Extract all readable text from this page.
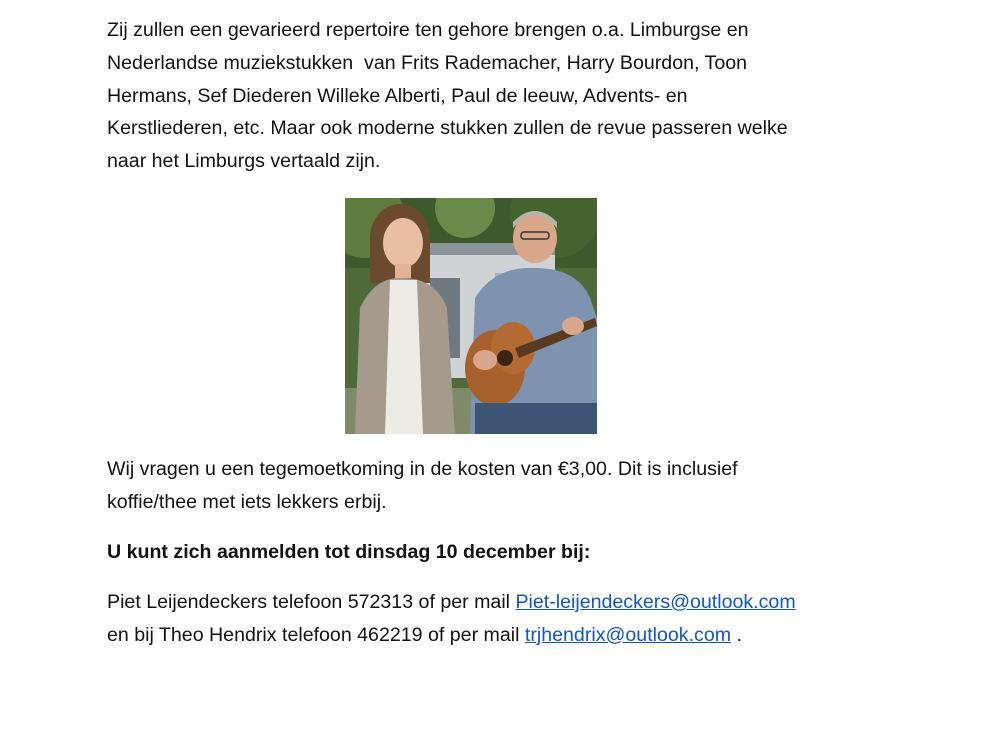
Zij zullen een gevarieerd repertoire ten gehore brengen o.a. Limburgse en
Nederlandse muziekstukken  van Frits Rademacher, Harry Bourdon, Toon
Hermans, Sef Diederen Willeke Alberti, Paul de leeuw, Advents- en
Kerstliederen, etc. Maar ook moderne stukken zullen de revue passeren welke
naar het Limburgs vertaald zijn.

Wij vragen u een tegemoetkoming in de kosten van €3,00. Dit is inclusief
koffie/thee met iets lekkers erbij.

U kunt zich aanmelden tot dinsdag 10 december bij:

Piet Leijendeckers telefoon 572313 of per mail Piet-leijendeckers@outlook.com
en bij Theo Hendrix telefoon 462219 of per mail trjhendrix@outlook.com .
